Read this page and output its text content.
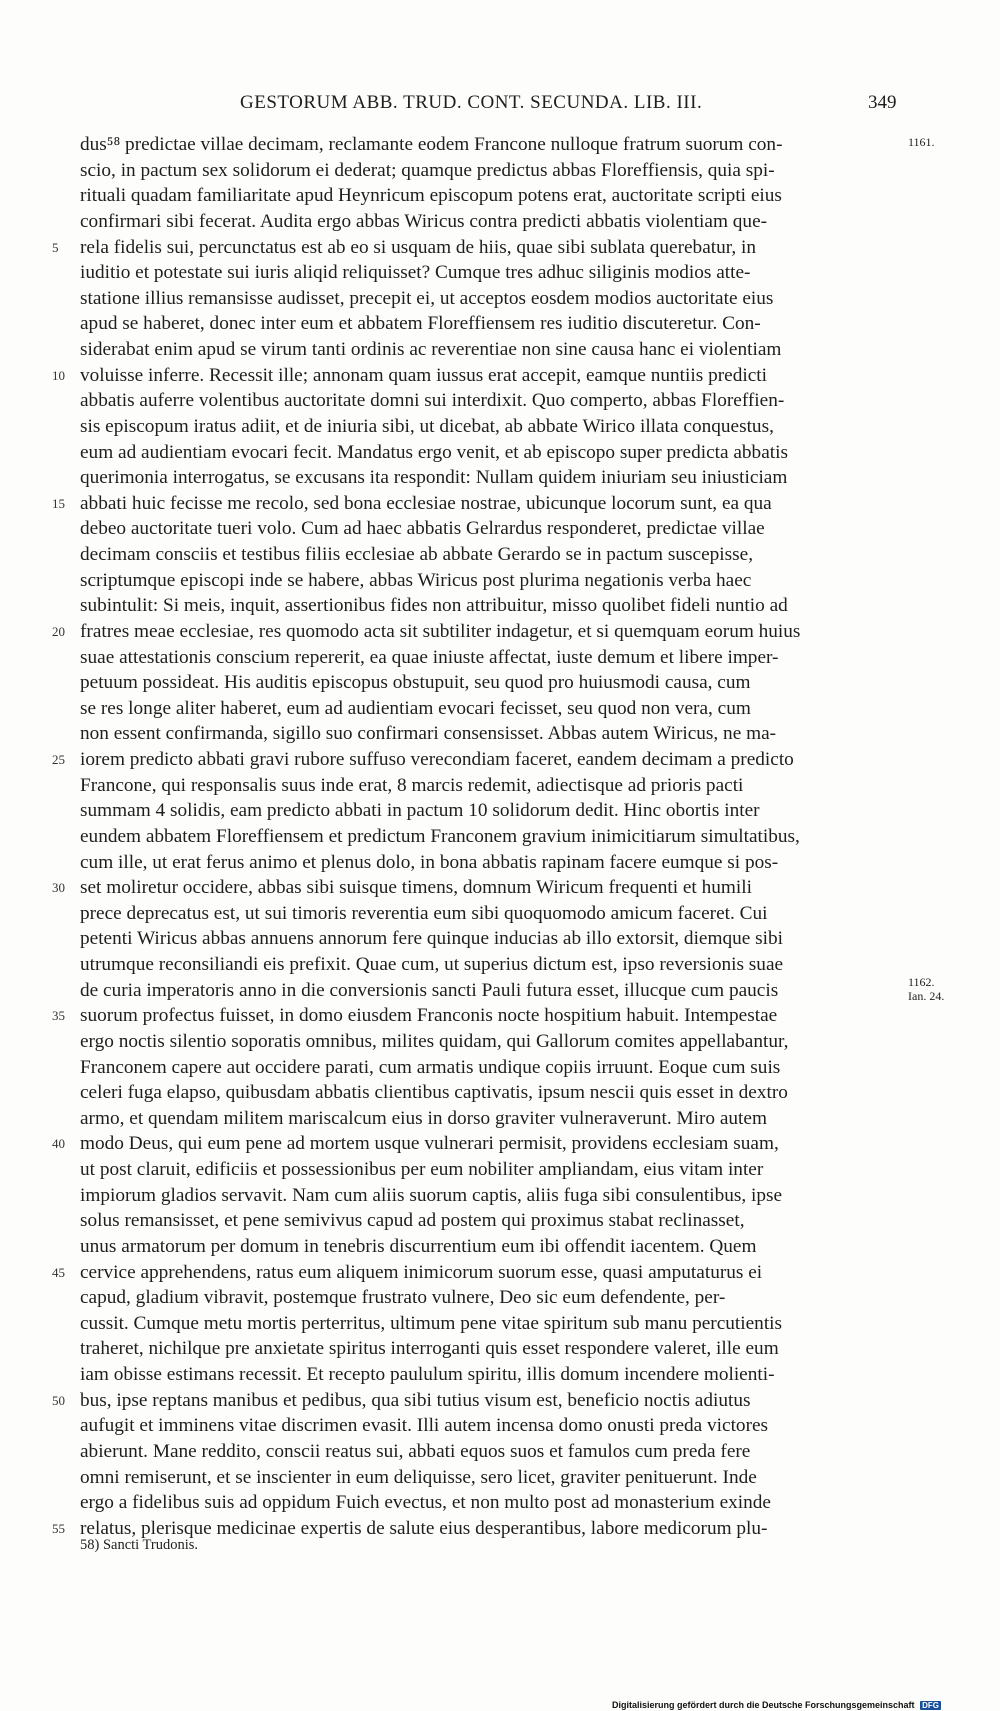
GESTORUM ABB. TRUD. CONT. SECUNDA. LIB. III.	349
dus⁵⁸ predictae villae decimam, reclamante eodem Francone nulloque fratrum suorum con-
scio, in pactum sex solidorum ei dederat; quamque predictus abbas Floreffiensis, quia spi-
rituali quadam familiaritate apud Heynricum episcopum potens erat, auctoritate scripti eius
confirmari sibi fecerat. Audita ergo abbas Wiricus contra predicti abbatis violentiam que-
5 rela fidelis sui, percunctatus est ab eo si usquam de hiis, quae sibi sublata querebatur, in
iuditio et potestate sui iuris aliqid reliquisset? Cumque tres adhuc siliginis modios atte-
statione illius remansisse audisset, precepit ei, ut acceptos eosdem modios auctoritate eius
apud se haberet, donec inter eum et abbatem Floreffiensem res iuditio discuteretur. Con-
siderabat enim apud se virum tanti ordinis ac reverentiae non sine causa hanc ei violentiam
10 voluisse inferre. Recessit ille; annonam quam iussus erat accepit, eamque nuntiis predicti
abbatis auferre volentibus auctoritate domni sui interdixit. Quo comperto, abbas Floreffien-
sis episcopum iratus adiit, et de iniuria sibi, ut dicebat, ab abbate Wirico illata conquestus,
eum ad audientiam evocari fecit. Mandatus ergo venit, et ab episcopo super predicta abbatis
querimonia interrogatus, se excusans ita respondit: Nullam quidem iniuriam seu iniusticiam
15 abbati huic fecisse me recolo, sed bona ecclesiae nostrae, ubicunque locorum sunt, ea qua
debeo auctoritate tueri volo. Cum ad haec abbatis Gelrardus responderet, predictae villae
decimam consciis et testibus filiis ecclesiae ab abbate Gerardo se in pactum suscepisse,
scriptumque episcopi inde se habere, abbas Wiricus post plurima negationis verba haec
subintulit: Si meis, inquit, assertionibus fides non attribuitur, misso quolibet fideli nuntio ad
20 fratres meae ecclesiae, res quomodo acta sit subtiliter indagetur, et si quemquam eorum huius
suae attestationis conscium repererit, ea quae iniuste affectat, iuste demum et libere imper-
petuum possideat. His auditis episcopus obstupuit, seu quod pro huiusmodi causa, cum
se res longe aliter haberet, eum ad audientiam evocari fecisset, seu quod non vera, cum
non essent confirmanda, sigillo suo confirmari consensisset. Abbas autem Wiricus, ne ma-
25 iorem predicto abbati gravi rubore suffuso verecondiam faceret, eandem decimam a predicto
Francone, qui responsalis suus inde erat, 8 marcis redemit, adiectisque ad prioris pacti
summam 4 solidis, eam predicto abbati in pactum 10 solidorum dedit. Hinc obortis inter
eundem abbatem Floreffiensem et predictum Franconem gravium inimicitiarum simultatibus,
cum ille, ut erat ferus animo et plenus dolo, in bona abbatis rapinam facere eumque si pos-
30 set moliretur occidere, abbas sibi suisque timens, domnum Wiricum frequenti et humili
prece deprecatus est, ut sui timoris reverentia eum sibi quoquomodo amicum faceret. Cui
petenti Wiricus abbas annuens annorum fere quinque inducias ab illo extorsit, diemque sibi
utrumque reconsiliandi eis prefixit. Quae cum, ut superius dictum est, ipso reversionis suae
de curia imperatoris anno in die conversionis sancti Pauli futura esset, illucque cum paucis
35 suorum profectus fuisset, in domo eiusdem Franconis nocte hospitium habuit. Intempestae
ergo noctis silentio soporatis omnibus, milites quidam, qui Gallorum comites appellabantur,
Franconem capere aut occidere parati, cum armatis undique copiis irruunt. Eoque cum suis
celeri fuga elapso, quibusdam abbatis clientibus captivatis, ipsum nescii quis esset in dextro
armo, et quendam militem mariscalcum eius in dorso graviter vulneraverunt. Miro autem
40 modo Deus, qui eum pene ad mortem usque vulnerari permisit, providens ecclesiam suam,
ut post claruit, edificiis et possessionibus per eum nobiliter ampliandam, eius vitam inter
impiorum gladios servavit. Nam cum aliis suorum captis, aliis fuga sibi consulentibus, ipse
solus remansisset, et pene semivivus capud ad postem qui proximus stabat reclinasset,
unus armatorum per domum in tenebris discurrentium eum ibi offendit iacentem. Quem
45 cervice apprehendens, ratus eum aliquem inimicorum suorum esse, quasi amputaturus ei
capud, gladium vibravit, postemque frustrato vulnere, Deo sic eum defendente, per-
cussit. Cumque metu mortis perterritus, ultimum pene vitae spiritum sub manu percutientis
traheret, nichilque pre anxietate spiritus interroganti quis esset respondere valeret, ille eum
iam obisse estimans recessit. Et recepto paululum spiritu, illis domum incendere molienti-
50 bus, ipse reptans manibus et pedibus, qua sibi tutius visum est, beneficio noctis adiutus
aufugit et imminens vitae discrimen evasit. Illi autem incensa domo onusti preda victores
abierunt. Mane reddito, conscii reatus sui, abbati equos suos et famulos cum preda fere
omni remiserunt, et se inscienter in eum deliquisse, sero licet, graviter penituerunt. Inde
ergo a fidelibus suis ad oppidum Fuich evectus, et non multo post ad monasterium exinde
55 relatus, plerisque medicinae expertis de salute eius desperantibus, labore medicorum plu-
1161.
1162.
Ian. 24.
58) Sancti Trudonis.
Digitalisierung gefördert durch die Deutsche Forschungsgemeinschaft DFG
